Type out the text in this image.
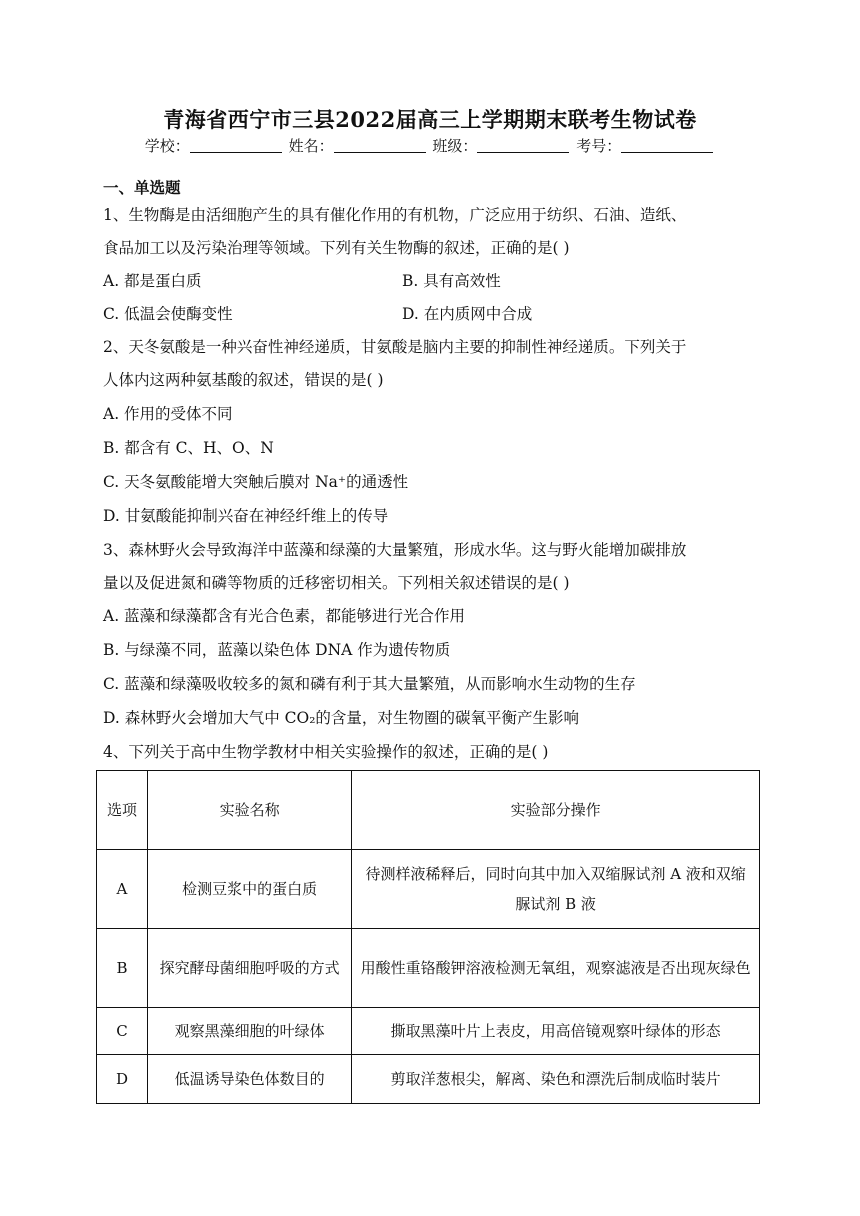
青海省西宁市三县2022届高三上学期期末联考生物试卷
学校：	姓名：	班级：	考号：
一、单选题
1、生物酶是由活细胞产生的具有催化作用的有机物，广泛应用于纺织、石油、造纸、
食品加工以及污染治理等领域。下列有关生物酶的叙述，正确的是( )
A. 都是蛋白质	B. 具有高效性
C. 低温会使酶变性	D. 在内质网中合成
2、天冬氨酸是一种兴奋性神经递质，甘氨酸是脑内主要的抑制性神经递质。下列关于
人体内这两种氨基酸的叙述，错误的是( )
A. 作用的受体不同
B. 都含有 C、H、O、N
C. 天冬氨酸能增大突触后膜对 Na⁺的通透性
D. 甘氨酸能抑制兴奋在神经纤维上的传导
3、森林野火会导致海洋中蓝藻和绿藻的大量繁殖，形成水华。这与野火能增加碳排放
量以及促进氮和磷等物质的迁移密切相关。下列相关叙述错误的是( )
A. 蓝藻和绿藻都含有光合色素，都能够进行光合作用
B. 与绿藻不同，蓝藻以染色体 DNA 作为遗传物质
C. 蓝藻和绿藻吸收较多的氮和磷有利于其大量繁殖，从而影响水生动物的生存
D. 森林野火会增加大气中 CO₂的含量，对生物圈的碳氧平衡产生影响
4、下列关于高中生物学教材中相关实验操作的叙述，正确的是( )
选项	实验名称	实验部分操作
A	检测豆浆中的蛋白质	待测样液稀释后，同时向其中加入双缩脲试剂 A 液和双缩脲试剂 B 液
B	探究酵母菌细胞呼吸的方式	用酸性重铬酸钾溶液检测无氧组，观察滤液是否出现灰绿色
C	观察黑藻细胞的叶绿体	撕取黑藻叶片上表皮，用高倍镜观察叶绿体的形态
D	低温诱导染色体数目的	剪取洋葱根尖，解离、染色和漂洗后制成临时装片
